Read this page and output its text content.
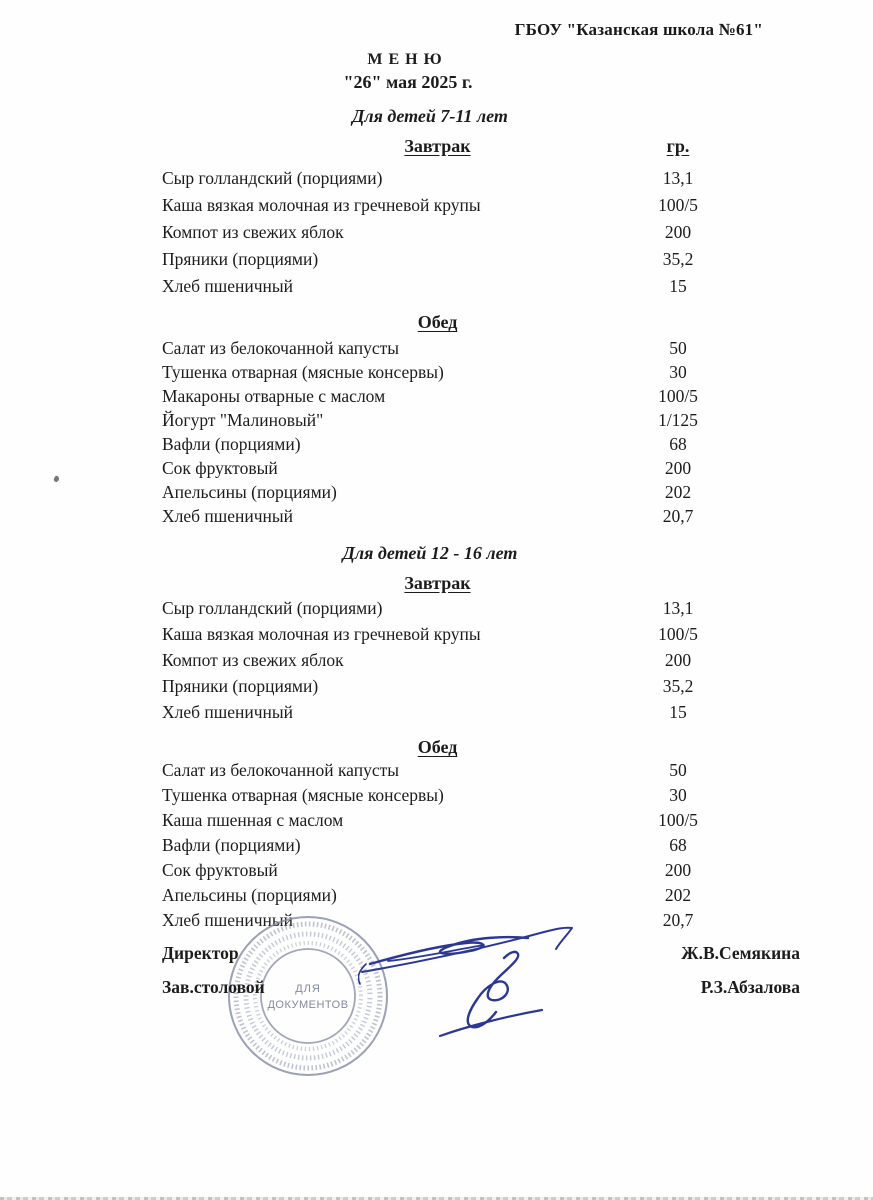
ГБОУ "Казанская школа №61"
М Е Н Ю
"26" мая 2025 г.
Для детей 7-11 лет
Завтрак	гр.
Сыр голландский (порциями)	13,1
Каша вязкая молочная из гречневой крупы	100/5
Компот из свежих яблок	200
Пряники (порциями)	35,2
Хлеб пшеничный	15
Обед
Салат из белокочанной капусты	50
Тушенка отварная (мясные консервы)	30
Макароны отварные с маслом	100/5
Йогурт "Малиновый"	1/125
Вафли (порциями)	68
Сок фруктовый	200
Апельсины (порциями)	202
Хлеб пшеничный	20,7
Для детей 12 - 16 лет
Завтрак
Сыр голландский (порциями)	13,1
Каша вязкая молочная из гречневой крупы	100/5
Компот из свежих яблок	200
Пряники (порциями)	35,2
Хлеб пшеничный	15
Обед
Салат из белокочанной капусты	50
Тушенка отварная (мясные консервы)	30
Каша пшенная с маслом	100/5
Вафли (порциями)	68
Сок фруктовый	200
Апельсины (порциями)	202
Хлеб пшеничный	20,7
Директор	Ж.В.Семякина
Зав.столовой	Р.З.Абзалова
ДЛЯ
ДОКУМЕНТОВ
